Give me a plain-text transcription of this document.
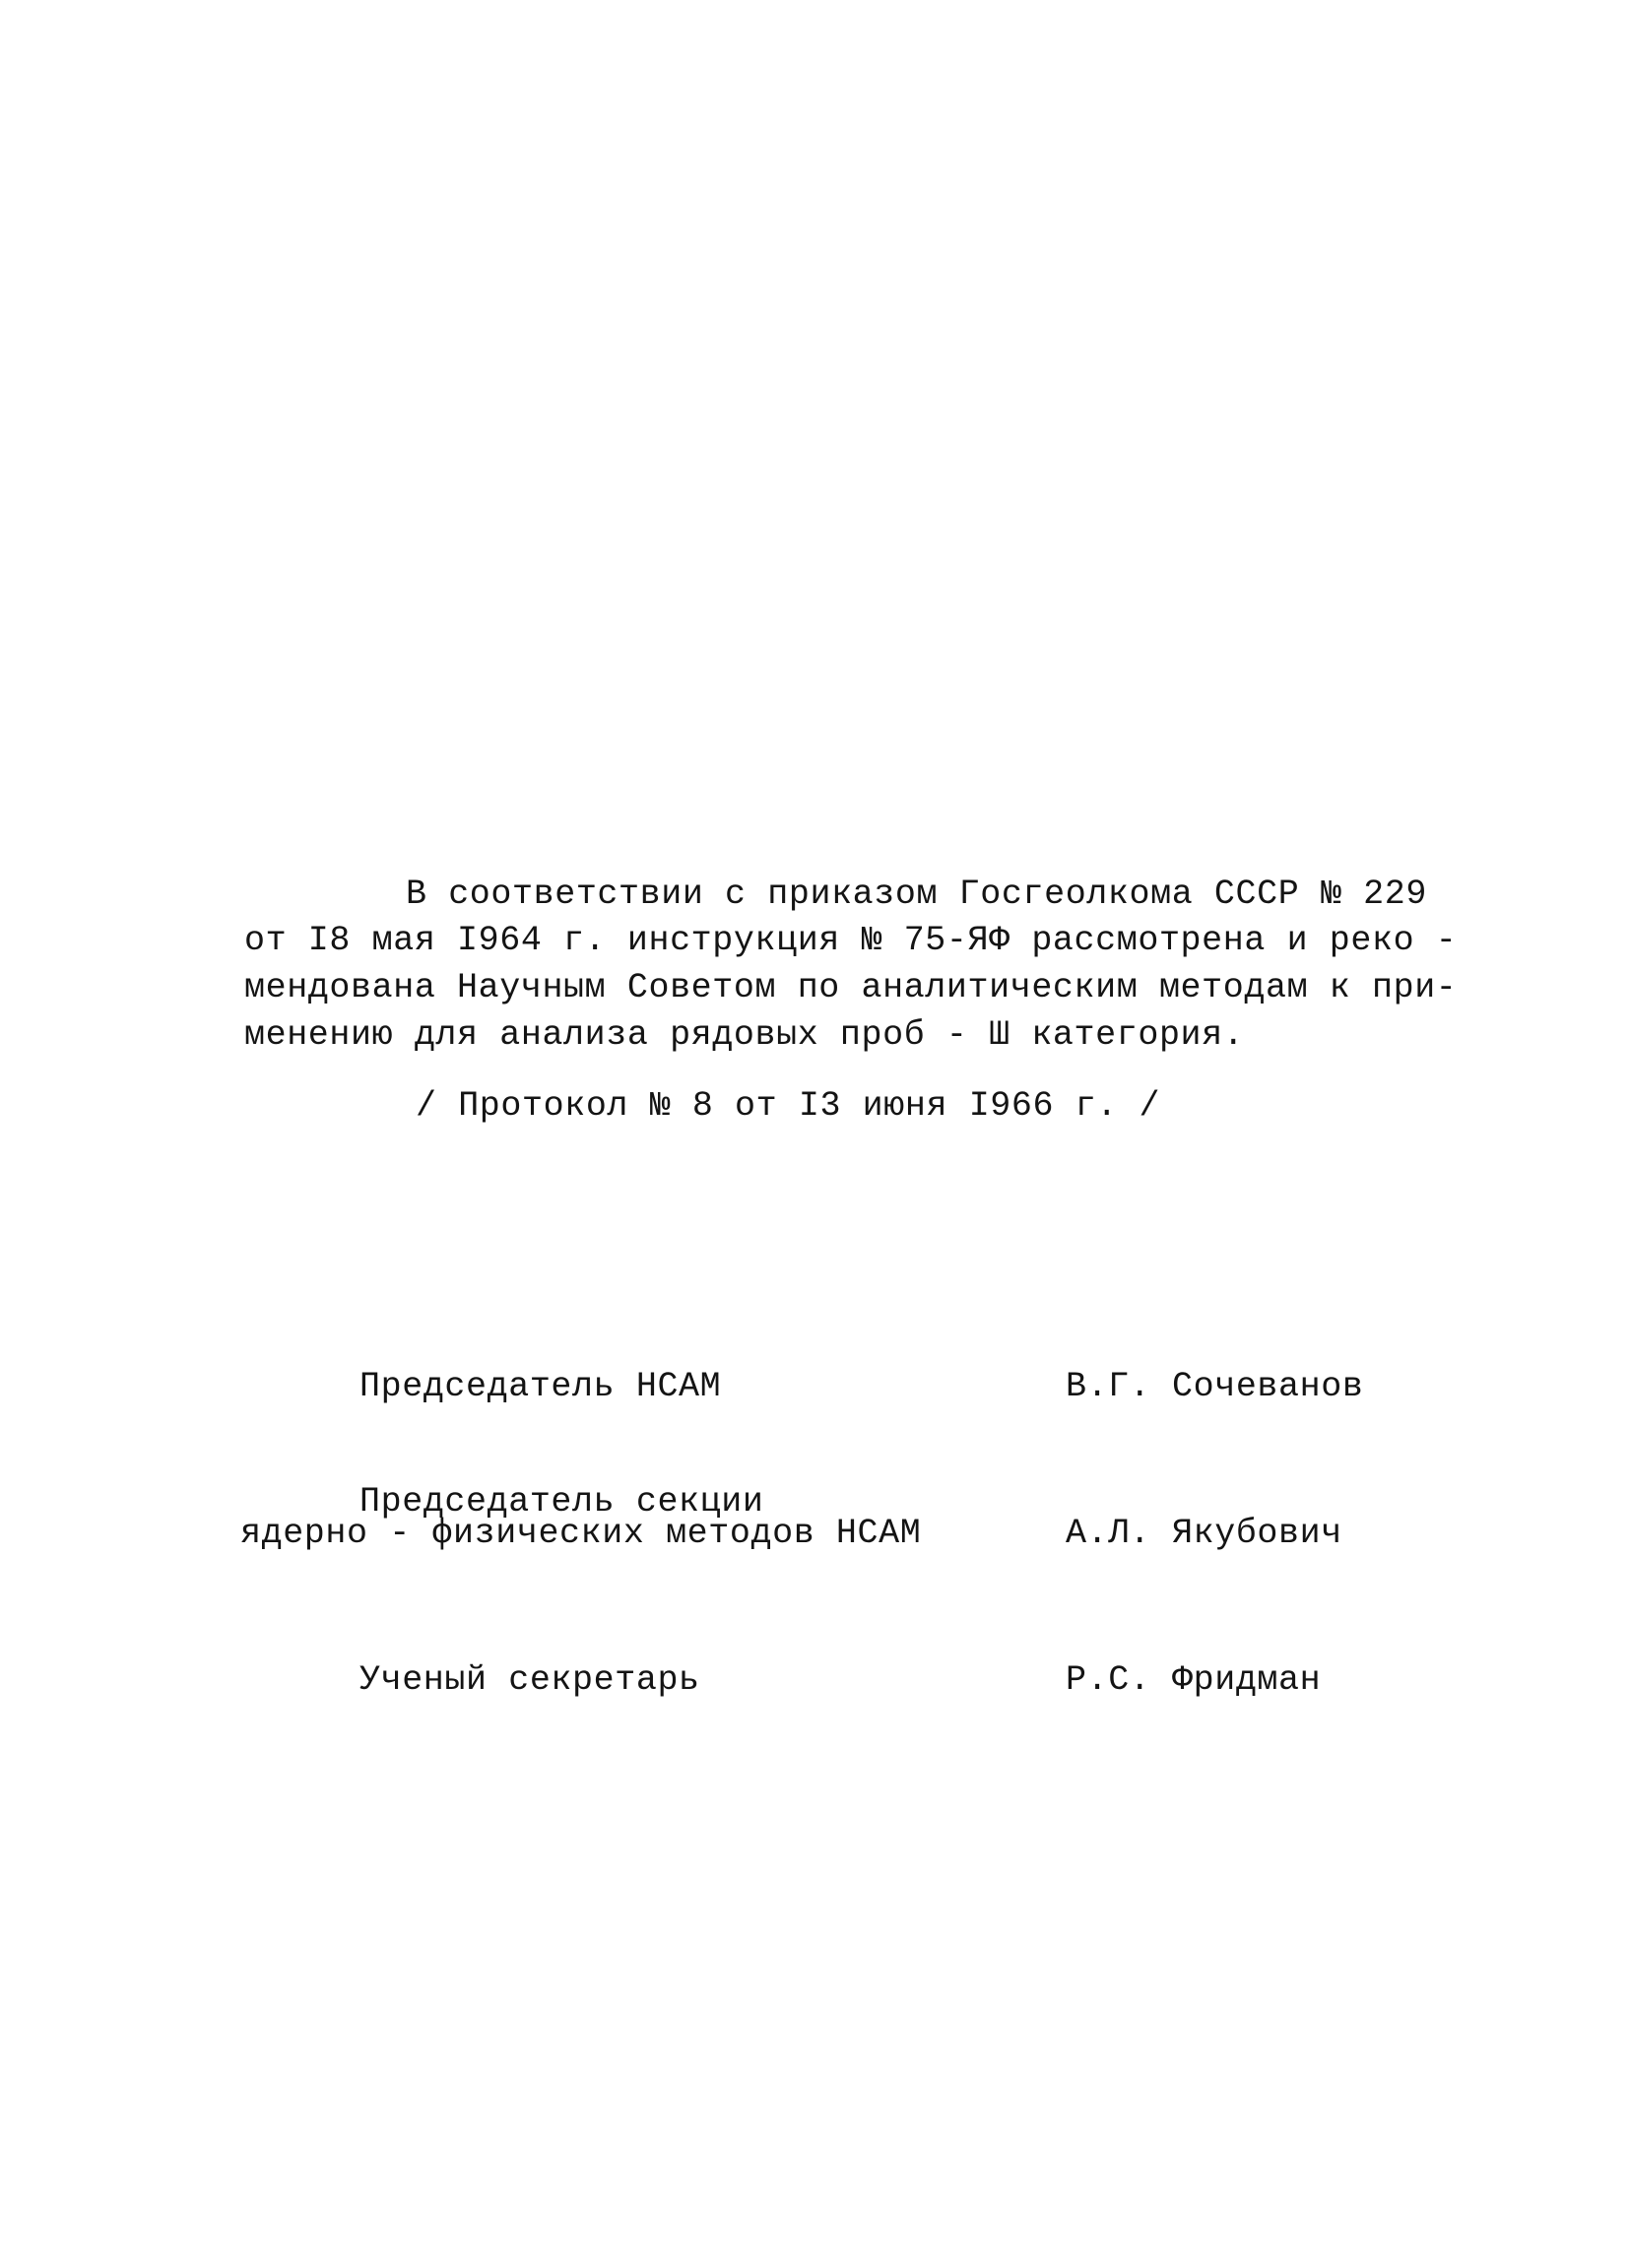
В соответствии с приказом Госгеолкома СССР № 229
от I8 мая I964 г. инструкция № 75-ЯФ рассмотрена и реко -
мендована Научным Советом по аналитическим методам к при-
менению для анализа рядовых проб - Ш категория.
/ Протокол № 8 от I3 июня I966 г. /
Председатель НСАМ	В.Г. Сочеванов
Председатель секции
ядерно - физических методов НСАМ	А.Л. Якубович
Ученый секретарь	Р.С. Фридман
